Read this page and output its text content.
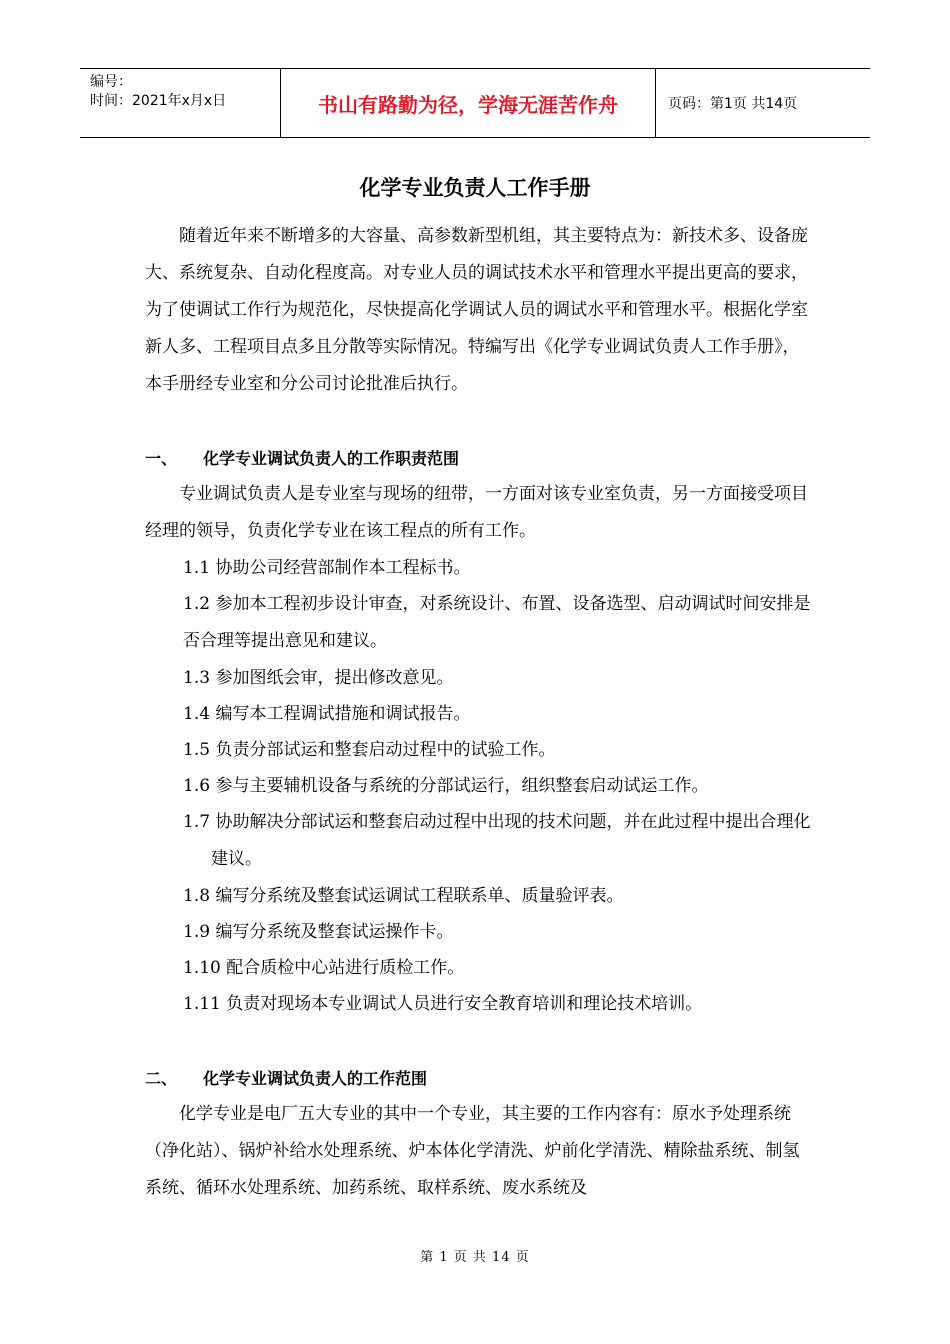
编号：
时间：2021年x月x日	书山有路勤为径，学海无涯苦作舟	页码：第1页 共14页
化学专业负责人工作手册

随着近年来不断增多的大容量、高参数新型机组，其主要特点为：新技术多、设备庞大、系统复杂、自动化程度高。对专业人员的调试技术水平和管理水平提出更高的要求，为了使调试工作行为规范化，尽快提高化学调试人员的调试水平和管理水平。根据化学室新人多、工程项目点多且分散等实际情况。特编写出《化学专业调试负责人工作手册》，本手册经专业室和分公司讨论批准后执行。

一、 化学专业调试负责人的工作职责范围

专业调试负责人是专业室与现场的纽带，一方面对该专业室负责，另一方面接受项目经理的领导，负责化学专业在该工程点的所有工作。

1.1 协助公司经营部制作本工程标书。

1.2 参加本工程初步设计审查，对系统设计、布置、设备选型、启动调试时间安排是否合理等提出意见和建议。

1.3 参加图纸会审，提出修改意见。

1.4 编写本工程调试措施和调试报告。

1.5 负责分部试运和整套启动过程中的试验工作。

1.6 参与主要辅机设备与系统的分部试运行，组织整套启动试运工作。

1.7 协助解决分部试运和整套启动过程中出现的技术问题，并在此过程中提出合理化建议。

1.8 编写分系统及整套试运调试工程联系单、质量验评表。

1.9 编写分系统及整套试运操作卡。

1.10 配合质检中心站进行质检工作。

1.11 负责对现场本专业调试人员进行安全教育培训和理论技术培训。

二、 化学专业调试负责人的工作范围

化学专业是电厂五大专业的其中一个专业，其主要的工作内容有：原水予处理系统（净化站）、锅炉补给水处理系统、炉本体化学清洗、炉前化学清洗、精除盐系统、制氢系统、循环水处理系统、加药系统、取样系统、废水系统及

第 1 页 共 14 页
